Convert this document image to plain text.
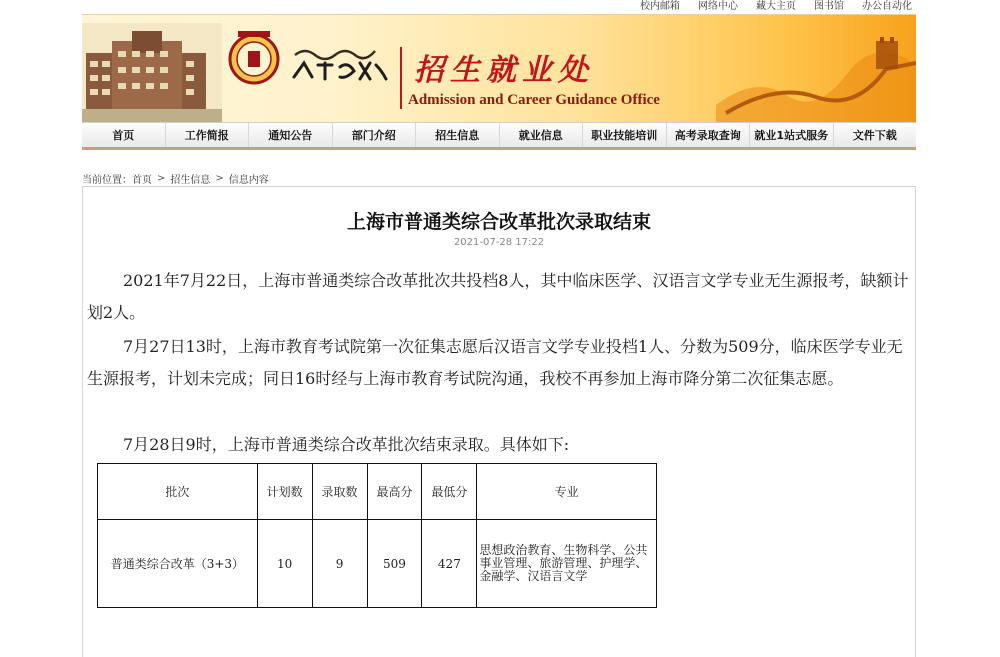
校内邮箱 网络中心 藏大主页 图书馆 办公自动化
招生就业处
Admission and Career Guidance Office
首页	工作简报	通知公告	部门介绍	招生信息	就业信息	职业技能培训	高考录取查询	就业1站式服务	文件下载
当前位置： 首页 > 招生信息 > 信息内容
上海市普通类综合改革批次录取结束
2021-07-28 17:22

2021年7月22日，上海市普通类综合改革批次共投档8人，其中临床医学、汉语言文学专业无生源报考，缺额计划2人。

7月27日13时，上海市教育考试院第一次征集志愿后汉语言文学专业投档1人、分数为509分，临床医学专业无生源报考，计划未完成；同日16时经与上海市教育考试院沟通，我校不再参加上海市降分第二次征集志愿。

7月28日9时，上海市普通类综合改革批次结束录取。具体如下:

批次	计划数	录取数	最高分	最低分	专业
普通类综合改革（3+3）	10	9	509	427	思想政治教育、生物科学、公共事业管理、旅游管理、护理学、金融学、汉语言文学
